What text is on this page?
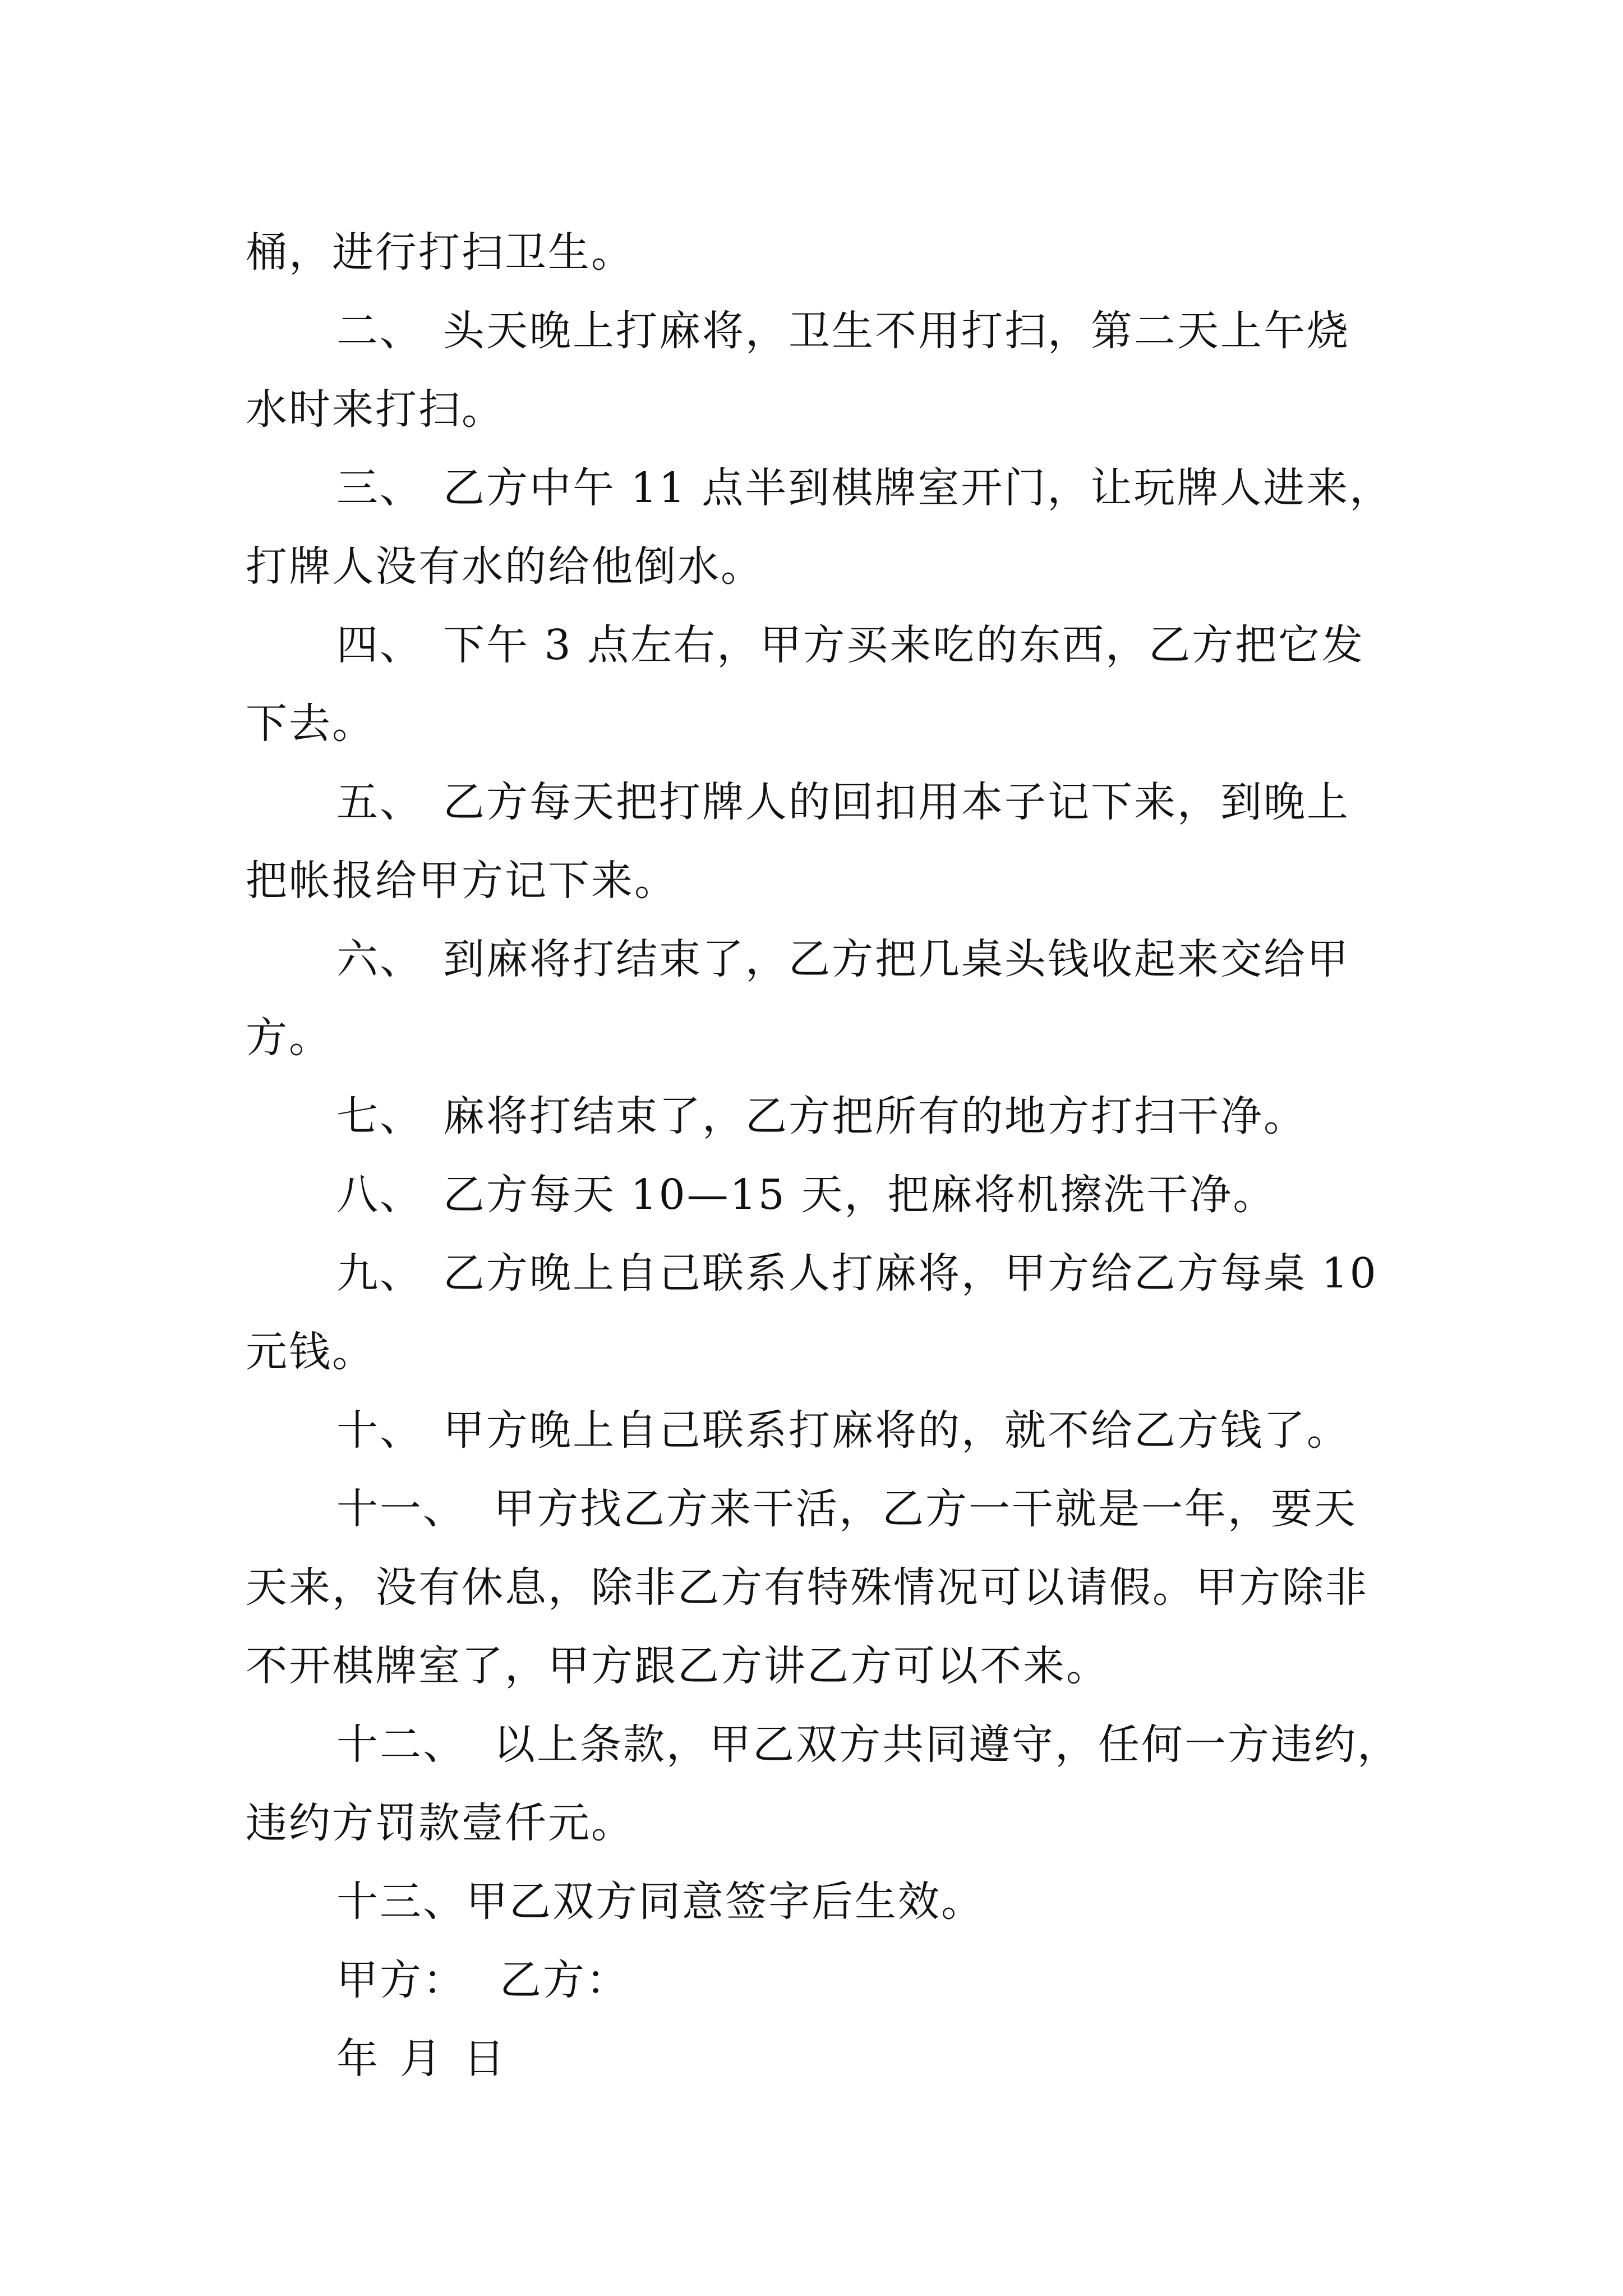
桶，进行打扫卫生。
二、 头天晚上打麻将，卫生不用打扫，第二天上午烧
水时来打扫。
三、 乙方中午 11 点半到棋牌室开门，让玩牌人进来，
打牌人没有水的给他倒水。
四、 下午 3 点左右，甲方买来吃的东西，乙方把它发
下去。
五、 乙方每天把打牌人的回扣用本子记下来，到晚上
把帐报给甲方记下来。
六、 到麻将打结束了，乙方把几桌头钱收起来交给甲
方。
七、 麻将打结束了，乙方把所有的地方打扫干净。
八、 乙方每天 10—15 天，把麻将机擦洗干净。
九、 乙方晚上自己联系人打麻将，甲方给乙方每桌 10
元钱。
十、 甲方晚上自己联系打麻将的，就不给乙方钱了。
十一、 甲方找乙方来干活，乙方一干就是一年，要天
天来，没有休息，除非乙方有特殊情况可以请假。甲方除非
不开棋牌室了，甲方跟乙方讲乙方可以不来。
十二、 以上条款，甲乙双方共同遵守，任何一方违约，
违约方罚款壹仟元。
十三、甲乙双方同意签字后生效。
甲方： 乙方：
年 月 日
